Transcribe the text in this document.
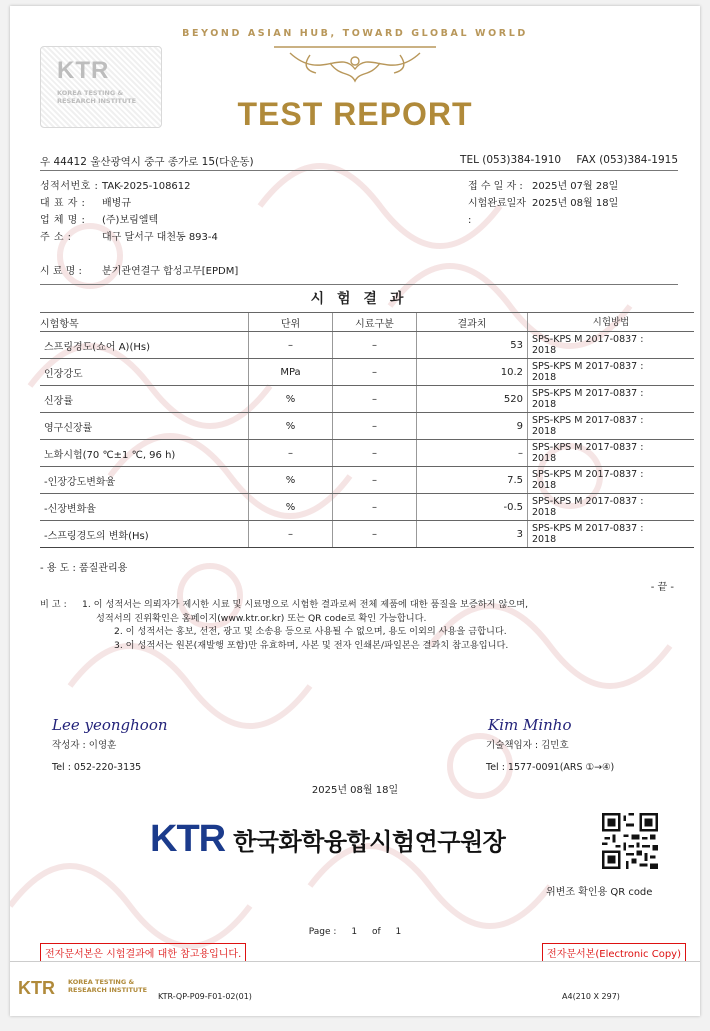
KTR
KOREA TESTING &
RESEARCH INSTITUTE
BEYOND ASIAN HUB, TOWARD GLOBAL WORLD
TEST REPORT
우 44412 울산광역시 중구 종가로 15(다운동)	TEL (053)384-1910 FAX (053)384-1915
성적서번호 : TAK-2025-108612
대 표 자 :	배병규
업 체 명 :	(주)보림엘텍
주 소 :	대구 달서구 대천동 893-4
접 수 일 자 : 2025년 07월 28일
시험완료일자 :
2025년 08월 18일
시 료 명 : 분기관연결구 합성고무[EPDM]
시 험 결 과
시험항목	단위	시료구분	결과치	시험방법
스프링경도(쇼어 A)(Hs)	–	–	53	SPS-KPS M 2017-0837 :
2018

인장강도	MPa	–	10.2	SPS-KPS M 2017-0837 :
2018

신장률	%	–	520	SPS-KPS M 2017-0837 :
2018

영구신장률	%	–	9	SPS-KPS M 2017-0837 :
2018

노화시험(70 ℃±1 ℃, 96 h)	–	–	–	SPS-KPS M 2017-0837 :
2018

-인장강도변화율	%	–	7.5	SPS-KPS M 2017-0837 :
2018

-신장변화율	%	–	-0.5	SPS-KPS M 2017-0837 :
2018

-스프링경도의 변화(Hs)	–	–	3	SPS-KPS M 2017-0837 :
2018
- 용 도 : 품질관리용
- 끝 -
비 고 : 1. 이 성적서는 의뢰자가 제시한 시료 및 시료명으로 시험한 결과로써 전체 제품에 대한 품질을 보증하지 않으며,
성적서의 진위확인은 홈페이지(www.ktr.or.kr) 또는 QR code로 확인 가능합니다.
2. 이 성적서는 홍보, 선전, 광고 및 소송용 등으로 사용될 수 없으며, 용도 이외의 사용을 금합니다.
3. 이 성적서는 원본(재발행 포함)만 유효하며, 사본 및 전자 인쇄본/파일본은 결과치 참고용입니다.
Lee yeonghoon
작성자 : 이영훈
Tel : 052-220-3135
Kim Minho
기술책임자 : 김민호
Tel : 1577-0091(ARS ①→④)
2025년 08월 18일
KTR 한국화학융합시험연구원장
위변조 확인용 QR code
Page : 1 of 1
전자문서본은 시험결과에 대한 참고용입니다.	전자문서본(Electronic Copy)
KTR KOREA TESTING &
RESEARCH INSTITUTE
KTR-QP-P09-F01-02(01)	A4(210 X 297)
